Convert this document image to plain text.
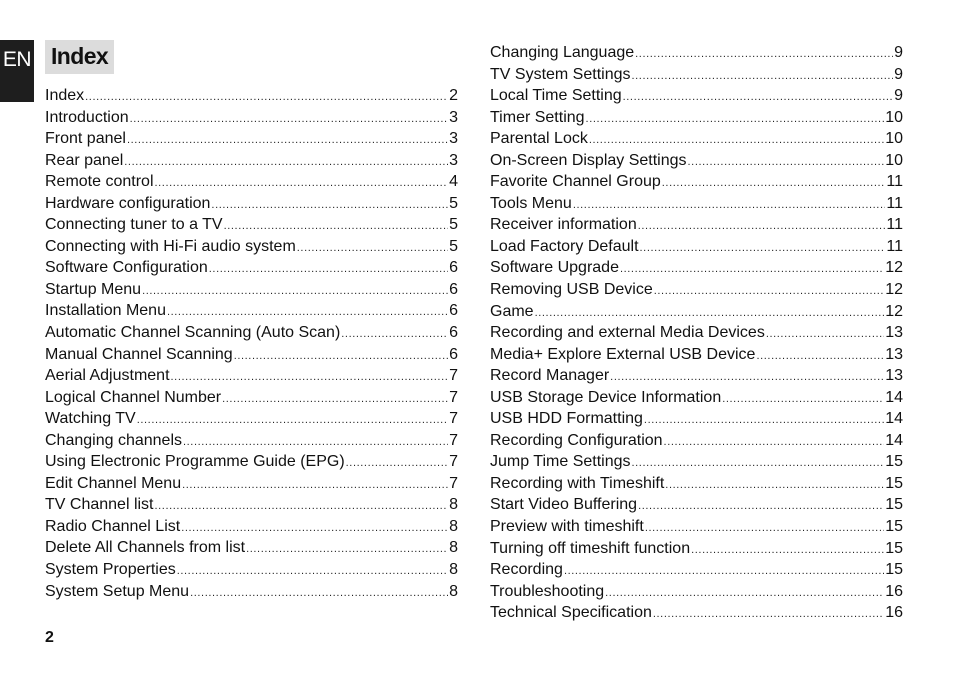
EN Index
Index .....	2
Introduction .....	3
Front panel .....	3
Rear panel .....	3
Remote control .....	4
Hardware configuration .....	5
Connecting tuner to a TV .....	5
Connecting with Hi-Fi audio system .....	5
Software Configuration .....	6
Startup Menu .....	6
Installation Menu .....	6
Automatic Channel Scanning (Auto Scan) .....	6
Manual Channel Scanning .....	6
Aerial Adjustment .....	7
Logical Channel Number .....	7
Watching TV .....	7
Changing channels .....	7
Using Electronic Programme Guide (EPG) .....	7
Edit Channel Menu .....	7
TV Channel list .....	8
Radio Channel List .....	8
Delete All Channels from list .....	8
System Properties .....	8
System Setup Menu .....	8
Changing Language .....	9
TV System Settings .....	9
Local Time Setting .....	9
Timer Setting .....	10
Parental Lock .....	10
On-Screen Display Settings .....	10
Favorite Channel Group .....	11
Tools Menu .....	11
Receiver information .....	11
Load Factory Default .....	11
Software Upgrade .....	12
Removing USB Device .....	12
Game .....	12
Recording and external Media Devices .....	13
Media+ Explore External USB Device .....	13
Record Manager .....	13
USB Storage Device Information .....	14
USB HDD Formatting .....	14
Recording Configuration .....	14
Jump Time Settings .....	15
Recording with Timeshift .....	15
Start Video Buffering .....	15
Preview with timeshift .....	15
Turning off timeshift function .....	15
Recording .....	15
Troubleshooting .....	16
Technical Specification .....	16
2
